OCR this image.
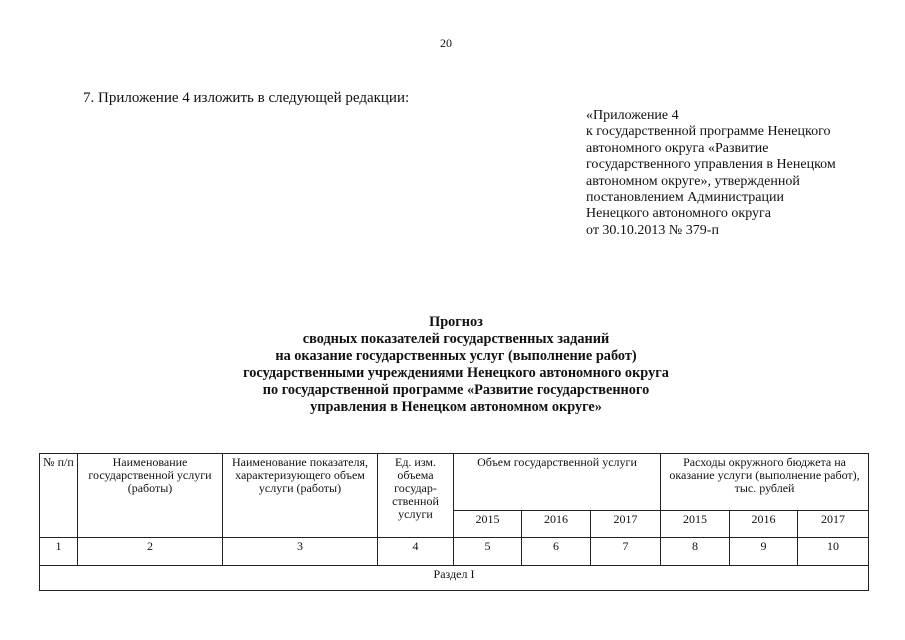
20
7. Приложение 4 изложить в следующей редакции:
«Приложение 4
к государственной программе Ненецкого
автономного округа «Развитие
государственного управления в Ненецком
автономном округе», утвержденной
постановлением Администрации
Ненецкого автономного округа
от 30.10.2013 № 379-п
Прогноз
сводных показателей государственных заданий
на оказание государственных услуг (выполнение работ)
государственными учреждениями Ненецкого автономного округа
по государственной программе «Развитие государственного
управления в Ненецком автономном округе»
№ п/п	Наименование государственной услуги (работы)	Наименование показателя, характеризующего объем услуги (работы)	Ед. изм. объема государ-ственной услуги	Объем государственной услуги			Расходы окружного бюджета на оказание услуги (выполнение работ), тыс. рублей		
				2015	2016	2017	2015	2016	2017
1	2	3	4	5	6	7	8	9	10
Раздел I									
